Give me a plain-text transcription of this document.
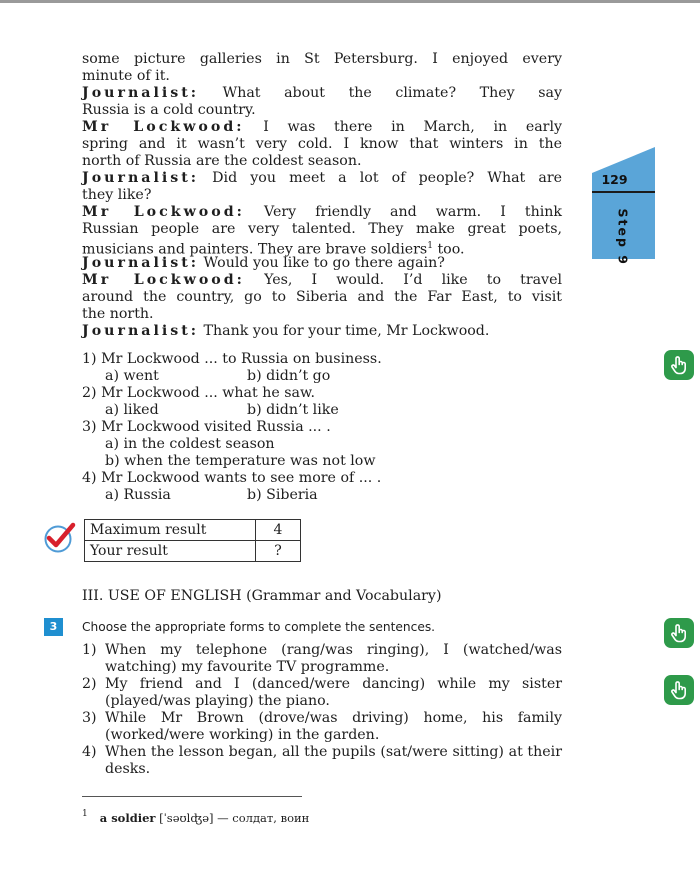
some picture galleries in St Petersburg. I enjoyed every
minute of it.
Journalist: What about the climate? They say
Russia is a cold country.
Mr Lockwood: I was there in March, in early
spring and it wasn’t very cold. I know that winters in the
north of Russia are the coldest season.
Journalist: Did you meet a lot of people? What are
they like?
Mr Lockwood: Very friendly and warm. I think
Russian people are very talented. They make great poets,
musicians and painters. They are brave soldiers$^1$ too.
Journalist: Would you like to go there again?
Mr Lockwood: Yes, I would. I’d like to travel
around the country, go to Siberia and the Far East, to visit
the north.
Journalist: Thank you for your time, Mr Lockwood.
129
Step 9
1) Mr Lockwood ... to Russia on business.
a) went	b) didn’t go
2) Mr Lockwood ... what he saw.
a) liked	b) didn’t like
3) Mr Lockwood visited Russia ... .
a) in the coldest season
b) when the temperature was not low
4) Mr Lockwood wants to see more of ... .
a) Russia	b) Siberia
Maximum result	4
Your result	?
III. USE OF ENGLISH (Grammar and Vocabulary)
3	Choose the appropriate forms to complete the sentences.
1) When my telephone (rang/was ringing), I (watched/was watching) my favourite TV programme.
2) My friend and I (danced/were dancing) while my sister (played/was playing) the piano.
3) While Mr Brown (drove/was driving) home, his family (worked/were working) in the garden.
4) When the lesson began, all the pupils (sat/were sitting) at their desks.
$^1$ a soldier [ˈsəʊlʤə] — солдат, воин
